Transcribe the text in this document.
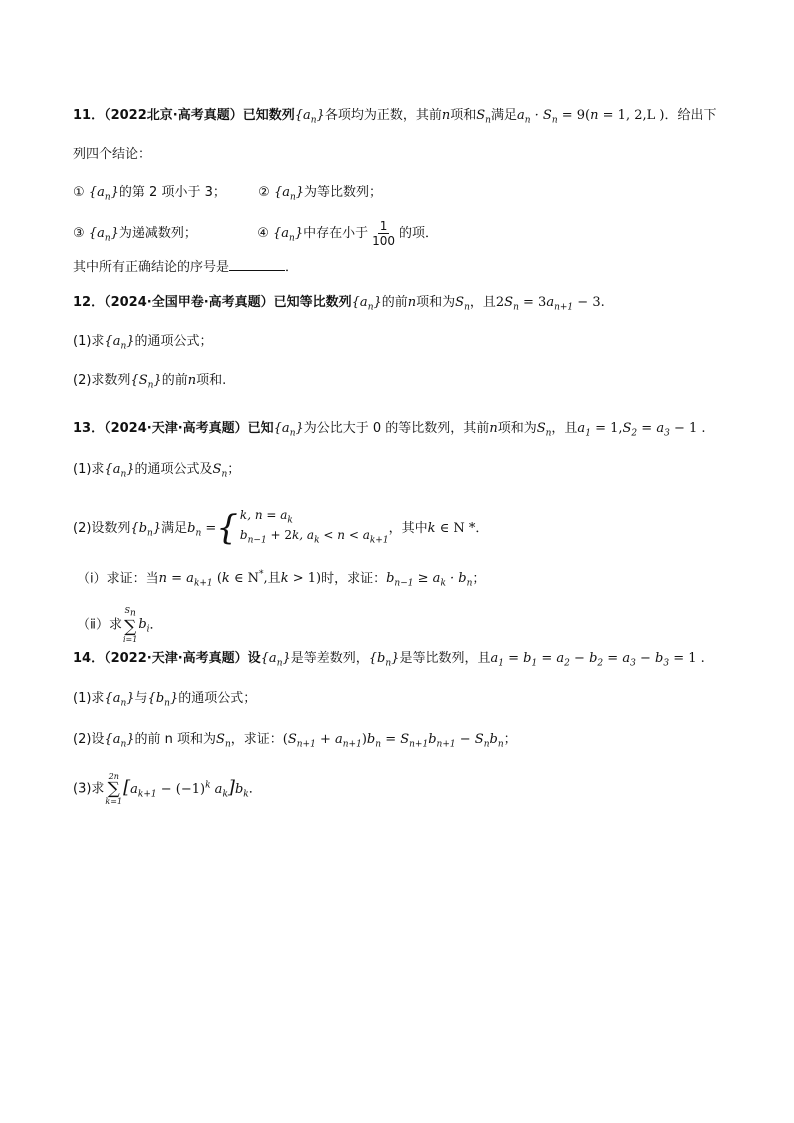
11．（2022北京·高考真题）已知数列$\{a_n\}$各项均为正数，其前n项和$S_n$满足$a_n \cdot S_n = 9(n = 1$, 2,L )．给出下
列四个结论：
① $\{a_n\}$的第 2 项小于 3； ② $\{a_n\}$为等比数列；
③ $\{a_n\}$为递减数列；	④ $\{a_n\}$中存在小于 $\frac{1}{100}$ 的项．
其中所有正确结论的序号是	．
12．（2024·全国甲卷·高考真题）已知等比数列$\{a_n\}$的前n项和为$S_n$，且$2S_n = 3a_{n+1} - 3$.
(1)求$\{a_n\}$的通项公式；
(2)求数列$\{S_n\}$的前n项和.
13．（2024·天津·高考真题）已知$\{a_n\}$为公比大于 0 的等比数列，其前n项和为$S_n$，且$a_1 = 1,S_2 = a_3 - 1$ .
(1)求$\{a_n\}$的通项公式及$S_n$；
(2)设数列$\{b_n\}$满足$b_n$ = { k, $n = a_k$
$b_{n-1} + 2k$, $a_k < n < a_{k+1}$
，其中k ∈ N *．
（ⅰ）求证：当$n = a_{k+1}$ (k ∈ N*,且k > 1)时，求证：$b_{n-1} \ge a_k \cdot b_n$；
（ⅱ）求
$S_n$
∑
i=1
$b_i$．
14．（2022·天津·高考真题）设$\{a_n\}$是等差数列，$\{b_n\}$是等比数列，且$a_1 = b_1 = a_2 - b_2 = a_3 - b_3 = 1$ .
(1)求$\{a_n\}$与$\{b_n\}$的通项公式；
(2)设$\{a_n\}$的前 n 项和为$S_n$，求证：$(S_{n+1} + a_{n+1})b_n = S_{n+1}b_{n+1} - S_nb_n$；
(3)求
2n
∑
k=1
[$a_{k+1} - (-1)^k$ $a_k]b_k$．
